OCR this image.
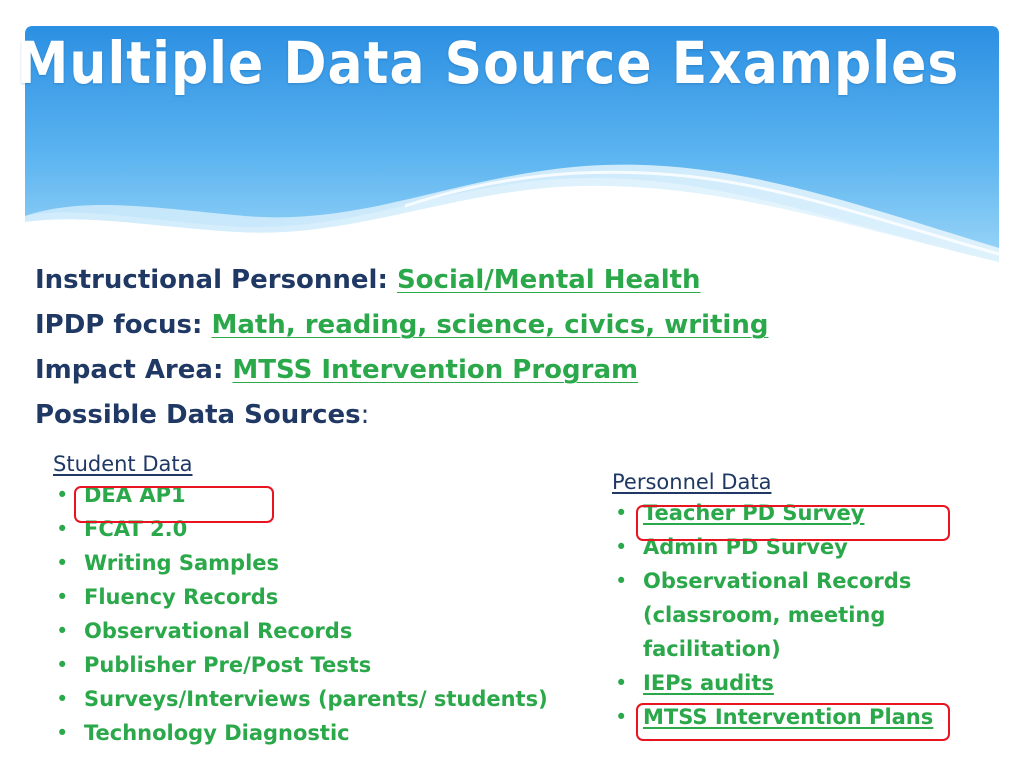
Multiple Data Source Examples
Instructional Personnel: Social/Mental Health
IPDP focus: Math, reading, science, civics, writing
Impact Area: MTSS Intervention Program
Possible Data Sources:
Student Data
• DEA AP1
• FCAT 2.0
• Writing Samples
• Fluency Records
• Observational Records
• Publisher Pre/Post Tests
• Surveys/Interviews (parents/ students)
• Technology Diagnostic
Personnel Data
• Teacher PD Survey
• Admin PD Survey
• Observational Records
(classroom, meeting
facilitation)
• IEPs audits
• MTSS Intervention Plans
